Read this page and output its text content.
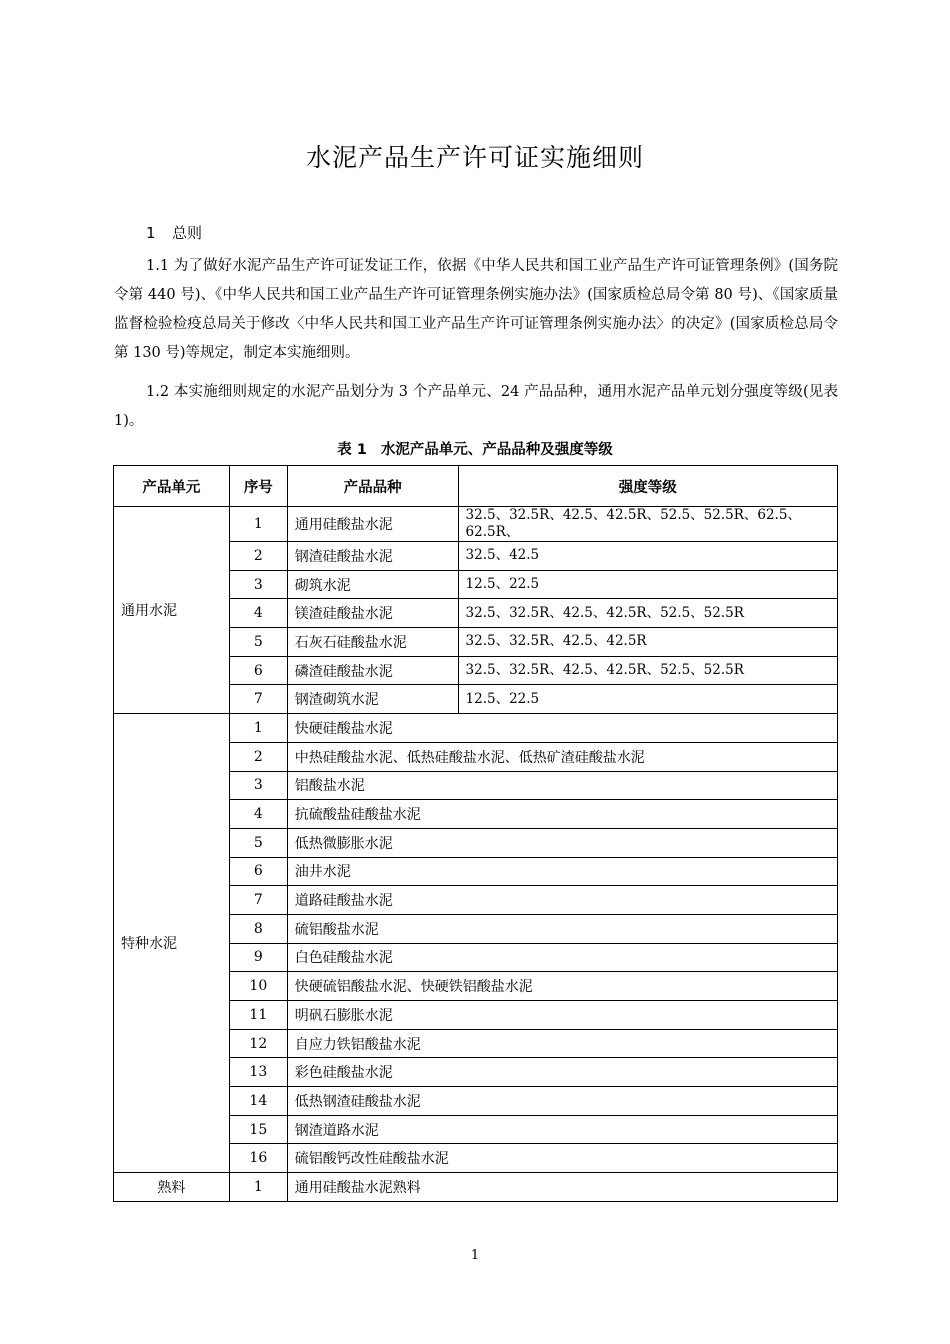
水泥产品生产许可证实施细则
1 总则
1.1 为了做好水泥产品生产许可证发证工作，依据《中华人民共和国工业产品生产许可证管理条例》(国务院令第 440 号)、《中华人民共和国工业产品生产许可证管理条例实施办法》(国家质检总局令第 80 号)、《国家质量监督检验检疫总局关于修改〈中华人民共和国工业产品生产许可证管理条例实施办法〉的决定》(国家质检总局令第 130 号)等规定，制定本实施细则。
1.2 本实施细则规定的水泥产品划分为 3 个产品单元、24 产品品种，通用水泥产品单元划分强度等级(见表 1)。
表 1 水泥产品单元、产品品种及强度等级
产品单元	序号	产品品种	强度等级
通用水泥	1	通用硅酸盐水泥	32.5、32.5R、42.5、42.5R、52.5、52.5R、62.5、62.5R、
	2	钢渣硅酸盐水泥	32.5、42.5
	3	砌筑水泥	12.5、22.5
	4	镁渣硅酸盐水泥	32.5、32.5R、42.5、42.5R、52.5、52.5R
	5	石灰石硅酸盐水泥	32.5、32.5R、42.5、42.5R
	6	磷渣硅酸盐水泥	32.5、32.5R、42.5、42.5R、52.5、52.5R
	7	钢渣砌筑水泥	12.5、22.5
特种水泥	1	快硬硅酸盐水泥	
	2	中热硅酸盐水泥、低热硅酸盐水泥、低热矿渣硅酸盐水泥	
	3	铝酸盐水泥	
	4	抗硫酸盐硅酸盐水泥	
	5	低热微膨胀水泥	
	6	油井水泥	
	7	道路硅酸盐水泥	
	8	硫铝酸盐水泥	
	9	白色硅酸盐水泥	
	10	快硬硫铝酸盐水泥、快硬铁铝酸盐水泥	
	11	明矾石膨胀水泥	
	12	自应力铁铝酸盐水泥	
	13	彩色硅酸盐水泥	
	14	低热钢渣硅酸盐水泥	
	15	钢渣道路水泥	
	16	硫铝酸钙改性硅酸盐水泥	
熟料	1	通用硅酸盐水泥熟料	
1
